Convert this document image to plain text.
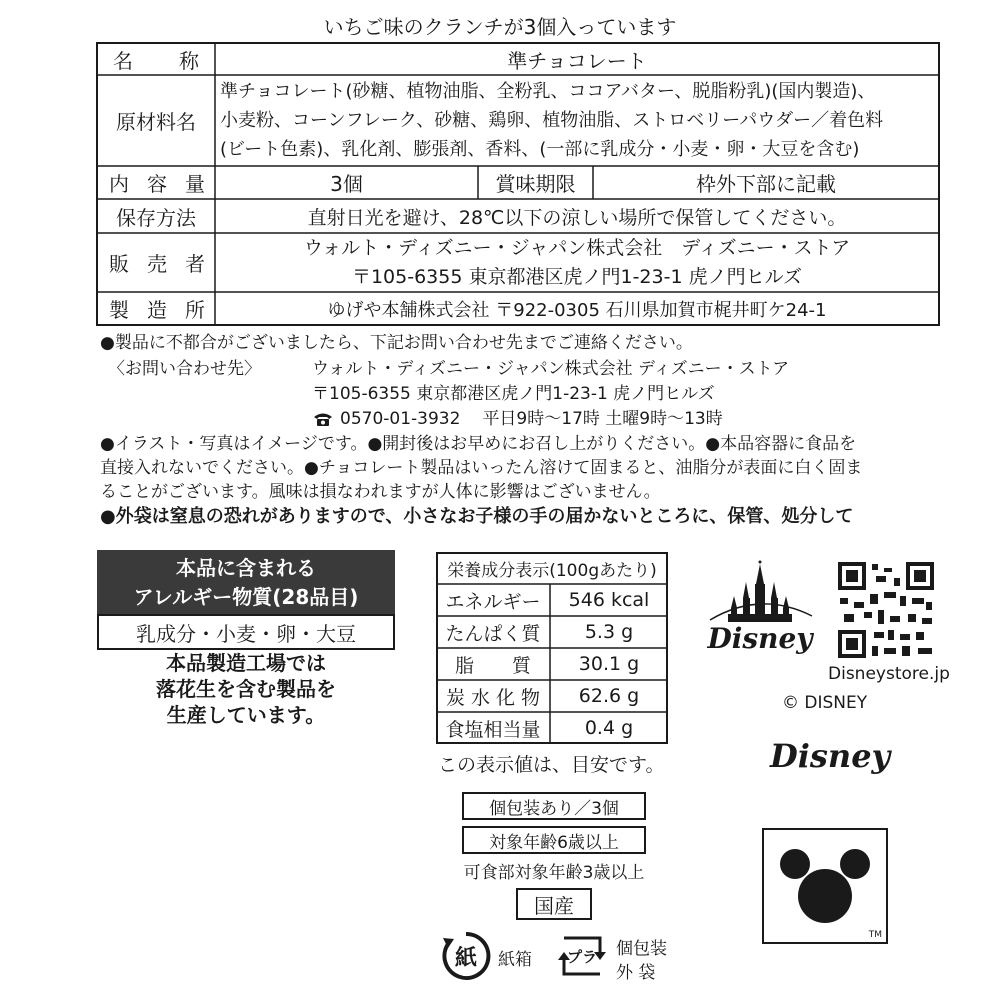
いちご味のクランチが3個入っています
名 称	準チョコレート
原材料名
準チョコレート(砂糖、植物油脂、全粉乳、ココアバター、脱脂粉乳)(国内製造)、
小麦粉、コーンフレーク、砂糖、鶏卵、植物油脂、ストロベリーパウダー／着色料
(ビート色素)、乳化剤、膨張剤、香料、(一部に乳成分・小麦・卵・大豆を含む)
内 容 量	3個	賞味期限	枠外下部に記載
保存方法	直射日光を避け、28℃以下の涼しい場所で保管してください。
販 売 者
ウォルト・ディズニー・ジャパン株式会社　ディズニー・ストア
〒105-6355 東京都港区虎ノ門1-23-1 虎ノ門ヒルズ
製 造 所	ゆげや本舗株式会社 〒922-0305 石川県加賀市梶井町ケ24-1
●製品に不都合がございましたら、下記お問い合わせ先までご連絡ください。
〈お問い合わせ先〉	ウォルト・ディズニー・ジャパン株式会社 ディズニー・ストア
〒105-6355 東京都港区虎ノ門1-23-1 虎ノ門ヒルズ
0570-01-3932 平日9時～17時 土曜9時～13時
●イラスト・写真はイメージです。●開封後はお早めにお召し上がりください。●本品容器に食品を
直接入れないでください。●チョコレート製品はいったん溶けて固まると、油脂分が表面に白く固ま
ることがございます。風味は損なわれますが人体に影響はございません。
●外袋は窒息の恐れがありますので、小さなお子様の手の届かないところに、保管、処分して
本品に含まれる
アレルギー物質(28品目)
乳成分・小麦・卵・大豆
本品製造工場では
落花生を含む製品を
生産しています。
栄養成分表示(100gあたり)
エネルギー	546 kcal
たんぱく質	5.3 g
脂　　質	30.1 g
炭 水 化 物	62.6 g
食塩相当量	0.4 g
この表示値は、目安です。
個包装あり／3個
対象年齢6歳以上
可食部対象年齢3歳以上
国産
紙	紙箱	プラ	個包装
外 袋
Disney
Disneystore.jp
© DISNEY
Disney
TM
